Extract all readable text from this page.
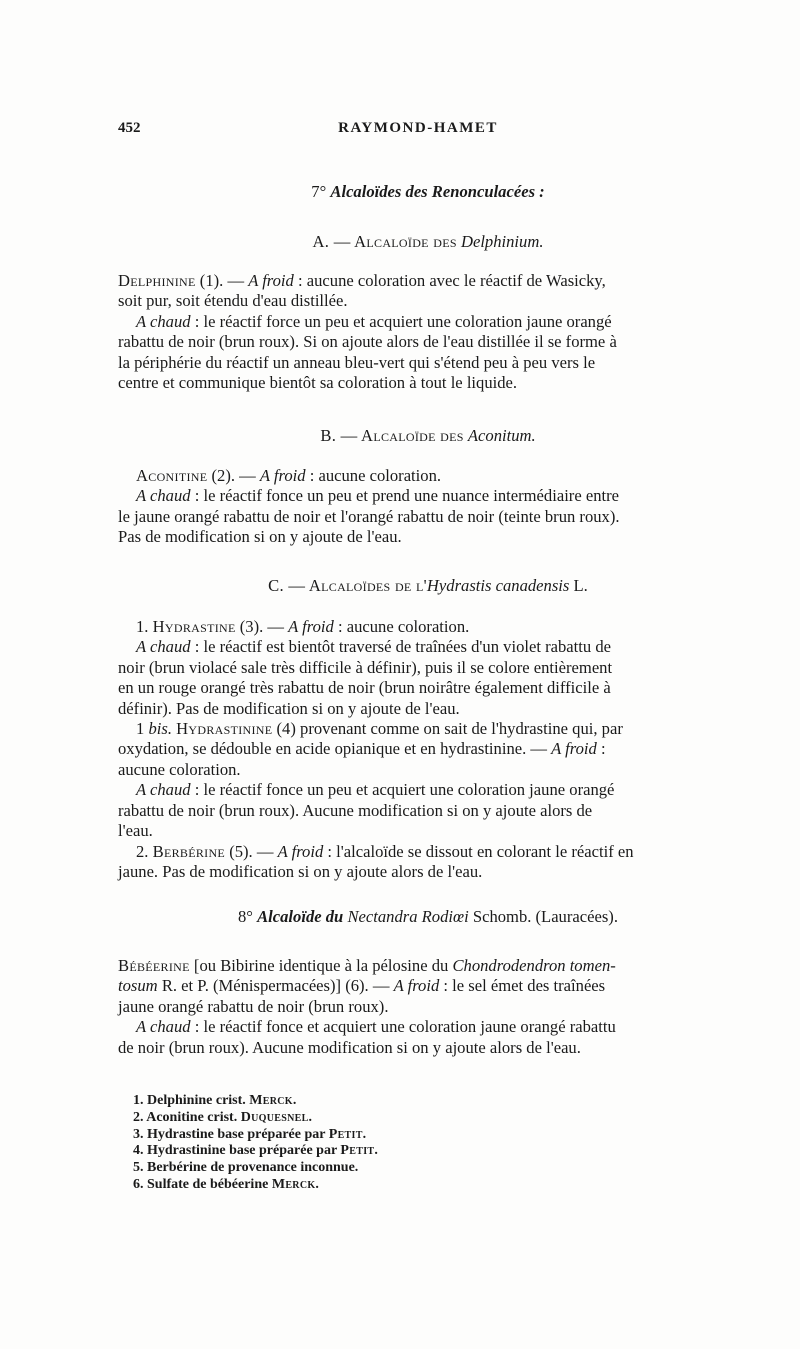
452	RAYMOND-HAMET

7° Alcaloïdes des Renonculacées :

A. — Alcaloïde des Delphinium.

Delphinine (1). — A froid : aucune coloration avec le réactif de Wasicky,
soit pur, soit étendu d'eau distillée.
A chaud : le réactif force un peu et acquiert une coloration jaune orangé
rabattu de noir (brun roux). Si on ajoute alors de l'eau distillée il se forme à
la périphérie du réactif un anneau bleu-vert qui s'étend peu à peu vers le
centre et communique bientôt sa coloration à tout le liquide.

B. — Alcaloïde des Aconitum.

Aconitine (2). — A froid : aucune coloration.
A chaud : le réactif fonce un peu et prend une nuance intermédiaire entre
le jaune orangé rabattu de noir et l'orangé rabattu de noir (teinte brun roux).
Pas de modification si on y ajoute de l'eau.

C. — Alcaloïdes de l'Hydrastis canadensis L.

1. Hydrastine (3). — A froid : aucune coloration.
A chaud : le réactif est bientôt traversé de traînées d'un violet rabattu de
noir (brun violacé sale très difficile à définir), puis il se colore entièrement
en un rouge orangé très rabattu de noir (brun noirâtre également difficile à
définir). Pas de modification si on y ajoute de l'eau.

1 bis. Hydrastinine (4) provenant comme on sait de l'hydrastine qui, par
oxydation, se dédouble en acide opianique et en hydrastinine. — A froid :
aucune coloration.
A chaud : le réactif fonce un peu et acquiert une coloration jaune orangé
rabattu de noir (brun roux). Aucune modification si on y ajoute alors de
l'eau.

2. Berbérine (5). — A froid : l'alcaloïde se dissout en colorant le réactif en
jaune. Pas de modification si on y ajoute alors de l'eau.

8° Alcaloïde du Nectandra Rodiœi Schomb. (Lauracées).

Bébéerine [ou Bibirine identique à la pélosine du Chondrodendron tomen-
tosum R. et P. (Ménispermacées)] (6). — A froid : le sel émet des traînées
jaune orangé rabattu de noir (brun roux).
A chaud : le réactif fonce et acquiert une coloration jaune orangé rabattu
de noir (brun roux). Aucune modification si on y ajoute alors de l'eau.

1. Delphinine crist. Merck.
2. Aconitine crist. Duquesnel.
3. Hydrastine base préparée par Petit.
4. Hydrastinine base préparée par Petit.
5. Berbérine de provenance inconnue.
6. Sulfate de bébéerine Merck.
